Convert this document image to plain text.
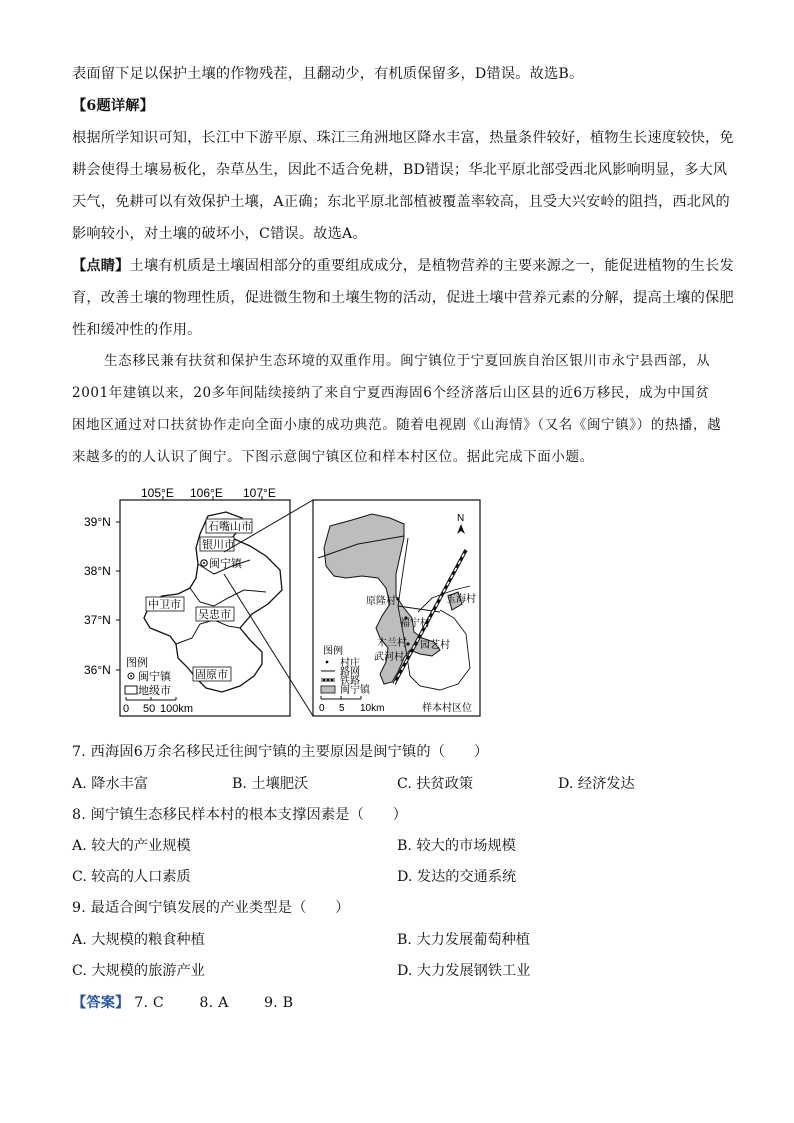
表面留下足以保护土壤的作物残茬，且翻动少，有机质保留多，D错误。故选B。
【6题详解】
根据所学知识可知，长江中下游平原、珠江三角洲地区降水丰富，热量条件较好，植物生长速度较快，免
耕会使得土壤易板化，杂草丛生，因此不适合免耕，BD错误；华北平原北部受西北风影响明显，多大风
天气，免耕可以有效保护土壤，A正确；东北平原北部植被覆盖率较高，且受大兴安岭的阻挡，西北风的
影响较小，对土壤的破坏小，C错误。故选A。
【点睛】土壤有机质是土壤固相部分的重要组成成分，是植物营养的主要来源之一，能促进植物的生长发
育，改善土壤的物理性质，促进微生物和土壤生物的活动，促进土壤中营养元素的分解，提高土壤的保肥
性和缓冲性的作用。
生态移民兼有扶贫和保护生态环境的双重作用。闽宁镇位于宁夏回族自治区银川市永宁县西部，从
2001年建镇以来，20多年间陆续接纳了来自宁夏西海固6个经济落后山区县的近6万移民，成为中国贫
困地区通过对口扶贫协作走向全面小康的成功典范。随着电视剧《山海情》（又名《闽宁镇》）的热播，越
来越多的的人认识了闽宁。下图示意闽宁镇区位和样本村区位。据此完成下面小题。
105°E 106°E 107°E
39°N
38°N
37°N
36°N
石嘴山市
银川市
闽宁镇
中卫市
吴忠市
固原市
图例
闽宁镇
地级市
0 50 100km
N
原隆村
福宁村
木兰村 园艺村
武河村
玉海村
图例
村庄
路网
铁路
闽宁镇
0 5 10km	样本村区位
7. 西海固6万余名移民迁往闽宁镇的主要原因是闽宁镇的（　　）
A. 降水丰富	B. 土壤肥沃	C. 扶贫政策	D. 经济发达
8. 闽宁镇生态移民样本村的根本支撑因素是（　　）
A. 较大的产业规模	B. 较大的市场规模
C. 较高的人口素质	D. 发达的交通系统
9. 最适合闽宁镇发展的产业类型是（　　）
A. 大规模的粮食种植	B. 大力发展葡萄种植
C. 大规模的旅游产业	D. 大力发展钢铁工业
【答案】 7. C 8. A 9. B
